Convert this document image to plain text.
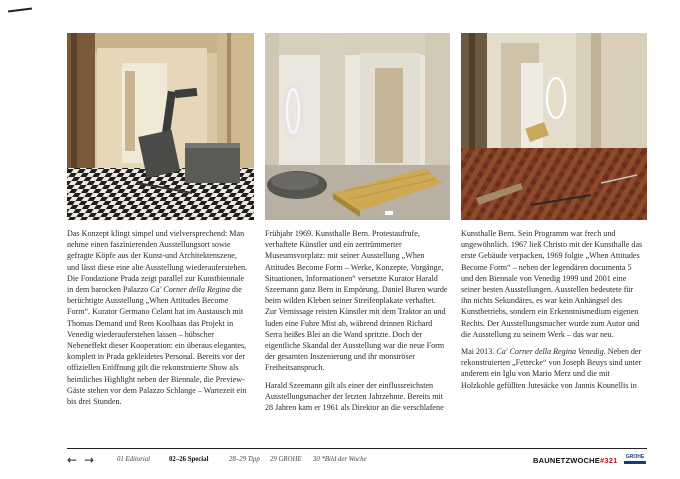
Das Konzept klingt simpel und vielversprechend: Man nehme einen faszinierenden Ausstellungsort sowie gefragte Köpfe aus der Kunst-und Architektenszene, und lässt diese eine alte Ausstellung wiederauferstehen. Die Fondazione Prada zeigt parallel zur Kunstbiennale in dem barocken Palazzo Ca' Corner della Regina die berüchtigte Ausstellung „When Attitudes Become Form“. Kurator Germano Celant hat im Austausch mit Thomas Demand und Rem Koolhaas das Projekt in Venedig wiederauferstehen lassen – hübscher Nebeneffekt dieser Kooperation: ein überaus elegantes, komplett in Prada gekleidetes Personal. Bereits vor der offiziellen Eröffnung gilt die rekonstruierte Show als heimliches Highlight neben der Biennale, die Preview-Gäste stehen vor dem Palazzo Schlange – Wartezeit ein bis drei Stunden.

Frühjahr 1969. Kunsthalle Bern. Protestaufrufe, verhaftete Künstler und ein zertrümmerter Museumsvorplatz: mit seiner Ausstellung „When Attitudes Become Form – Werke, Konzepte, Vorgänge, Situationen, Informationen“ versetzte Kurator Harald Szeemann ganz Bern in Empörung. Daniel Buren wurde beim wilden Kleben seiner Streifenplakate verhaftet. Zur Vernissage reisten Künstler mit dem Traktor an und luden eine Fuhre Mist ab, während drinnen Richard Serra heißes Blei an die Wand spritzte. Doch der eigentliche Skandal der Ausstellung war die neue Form der gesamten Inszenierung und ihr monströser Freiheitsanspruch.

Harald Szeemann gilt als einer der einflussreichsten Ausstellungsmacher der letzten Jahrzehnte. Bereits mit 28 Jahren kam er 1961 als Direktor an die verschlafene

Kunsthalle Bern. Sein Programm war frech und ungewöhnlich. 1967 ließ Christo mit der Kunsthalle das erste Gebäude verpacken, 1969 folgte „When Attitudes Become Form“ – neben der legendären documenta 5 und den Biennale von Venedig 1999 und 2001 eine seiner besten Ausstellungen. Ausstellen bedeutete für ihn nichts Sekundäres, es war kein Anhängsel des Kunstbetriebs, sondern ein Erkenntnismedium eigenen Rechts. Der Ausstellungsmacher wurde zum Autor und die Ausstellung zu seinem Werk – das war neu.

Mai 2013. Ca' Corner della Regina Venedig. Neben der rekonstruierten „Fettecke“ von Joseph Beuys sind unter anderem ein Iglu von Mario Merz und die mit Holzkohle gefüllten Jutesäcke von Jannis Kounellis in

← →	01 Editorial	02–26 Special	28–29 Tipp 29 GROHE 30 *Bild der Woche	BAUNETZWOCHE#321	GROHE
